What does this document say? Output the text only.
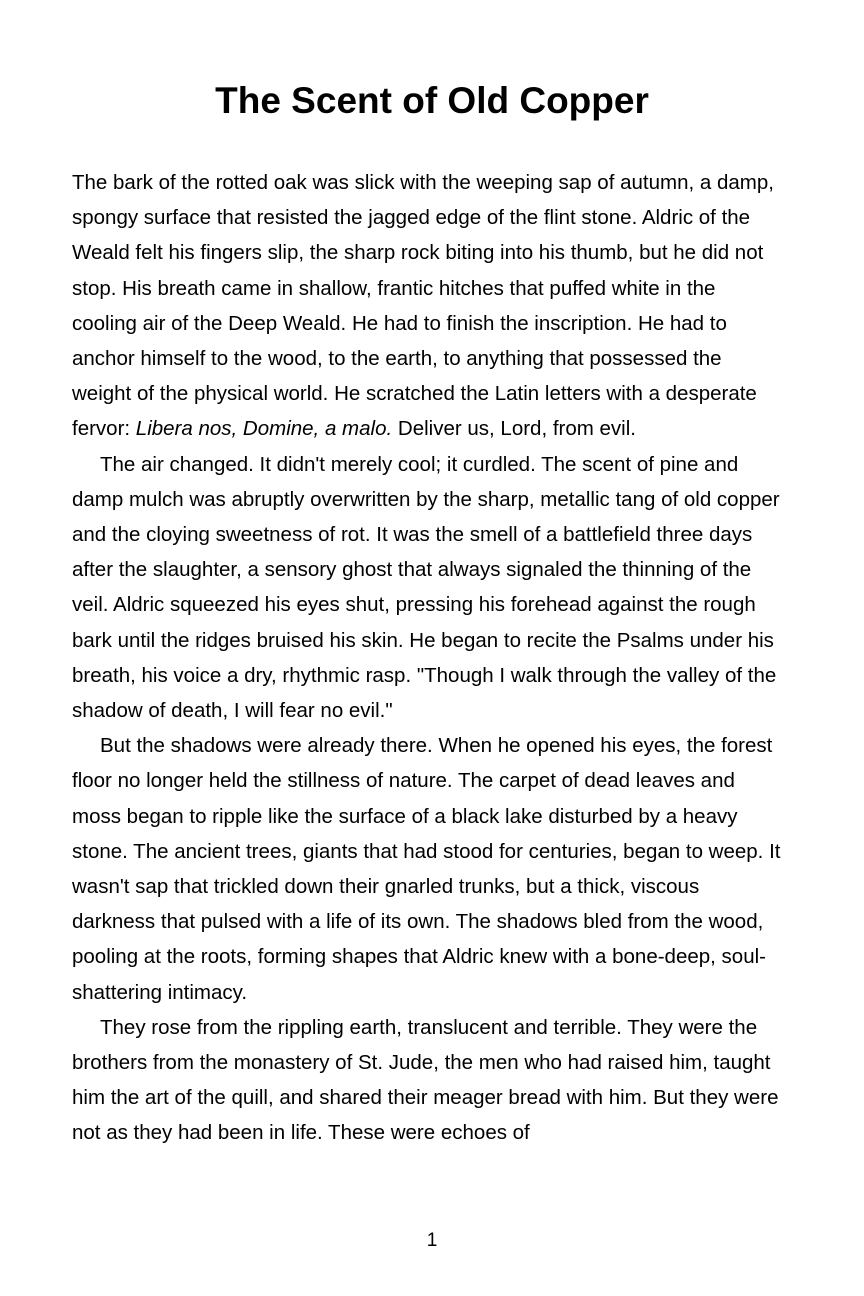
The Scent of Old Copper

The bark of the rotted oak was slick with the weeping sap of autumn, a damp, spongy surface that resisted the jagged edge of the flint stone. Aldric of the Weald felt his fingers slip, the sharp rock biting into his thumb, but he did not stop. His breath came in shallow, frantic hitches that puffed white in the cooling air of the Deep Weald. He had to finish the inscription. He had to anchor himself to the wood, to the earth, to anything that possessed the weight of the physical world. He scratched the Latin letters with a desperate fervor: Libera nos, Domine, a malo. Deliver us, Lord, from evil.

The air changed. It didn't merely cool; it curdled. The scent of pine and damp mulch was abruptly overwritten by the sharp, metallic tang of old copper and the cloying sweetness of rot. It was the smell of a battlefield three days after the slaughter, a sensory ghost that always signaled the thinning of the veil. Aldric squeezed his eyes shut, pressing his forehead against the rough bark until the ridges bruised his skin. He began to recite the Psalms under his breath, his voice a dry, rhythmic rasp. "Though I walk through the valley of the shadow of death, I will fear no evil."

But the shadows were already there. When he opened his eyes, the forest floor no longer held the stillness of nature. The carpet of dead leaves and moss began to ripple like the surface of a black lake disturbed by a heavy stone. The ancient trees, giants that had stood for centuries, began to weep. It wasn't sap that trickled down their gnarled trunks, but a thick, viscous darkness that pulsed with a life of its own. The shadows bled from the wood, pooling at the roots, forming shapes that Aldric knew with a bone-deep, soul-shattering intimacy.

They rose from the rippling earth, translucent and terrible. They were the brothers from the monastery of St. Jude, the men who had raised him, taught him the art of the quill, and shared their meager bread with him. But they were not as they had been in life. These were echoes of

1
